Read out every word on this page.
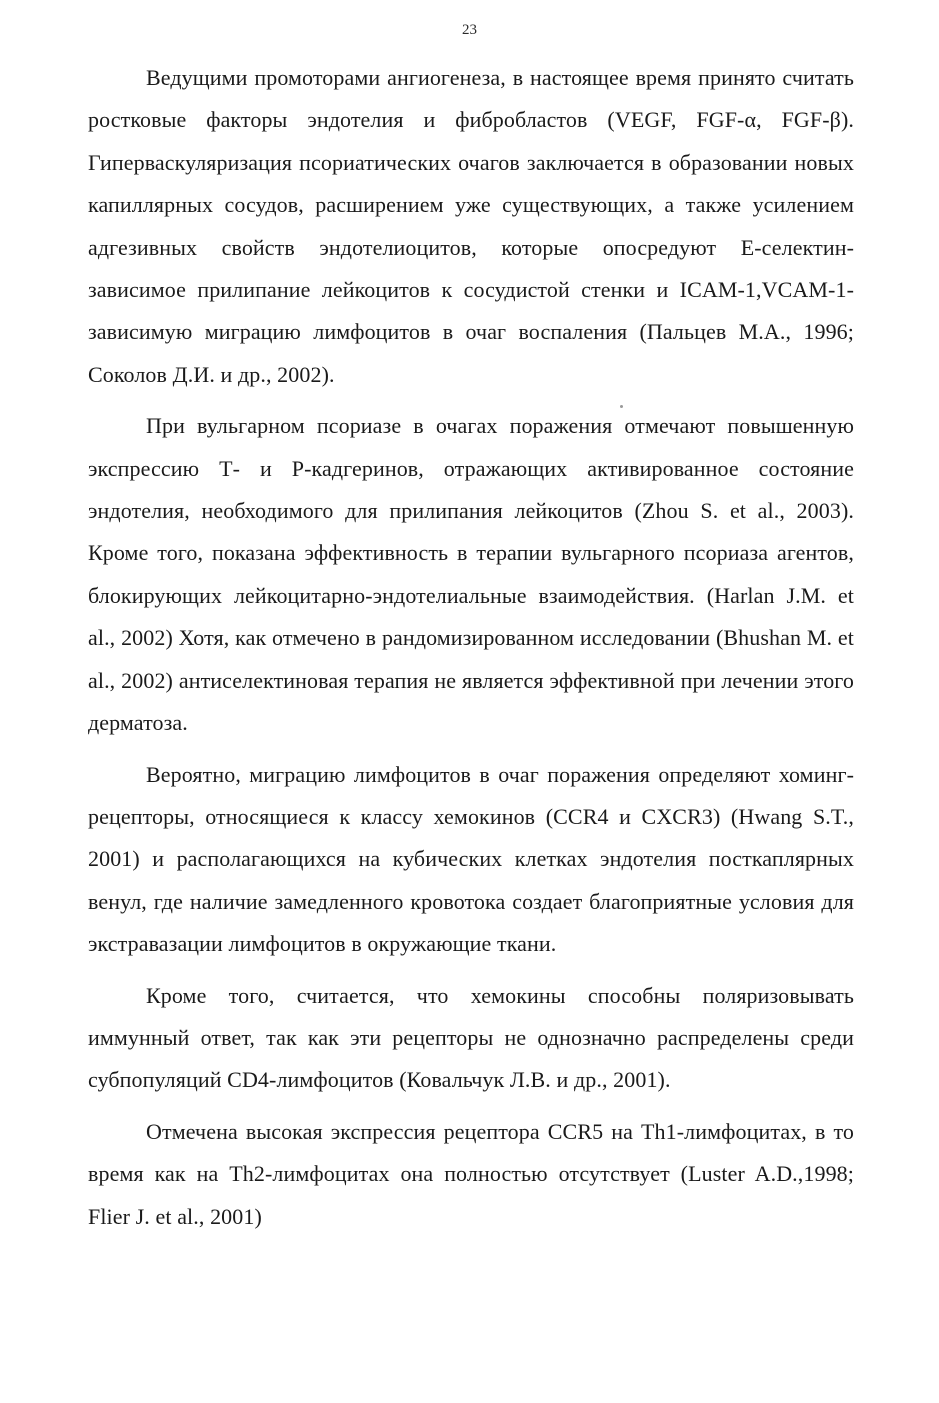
23

Ведущими промоторами ангиогенеза, в настоящее время принято считать ростковые факторы эндотелия и фибробластов (VEGF, FGF-α, FGF-β). Гиперваскуляризация псориатических очагов заключается в образовании новых капиллярных сосудов, расширением уже существующих, а также усилением адгезивных свойств эндотелиоцитов, которые опосредуют Е-селектин-зависимое прилипание лейкоцитов к сосудистой стенки и ICAM-1,VCAM-1-зависимую миграцию лимфоцитов в очаг воспаления (Пальцев М.А., 1996; Соколов Д.И. и др., 2002).

При вульгарном псориазе в очагах поражения отмечают повышенную экспрессию Т- и Р-кадгеринов, отражающих активированное состояние эндотелия, необходимого для прилипания лейкоцитов (Zhou S. et al., 2003). Кроме того, показана эффективность в терапии вульгарного псориаза агентов, блокирующих лейкоцитарно-эндотелиальные взаимодействия. (Harlan J.M. et al., 2002) Хотя, как отмечено в рандомизированном исследовании (Bhushan M. et al., 2002) антиселектиновая терапия не является эффективной при лечении этого дерматоза.

Вероятно, миграцию лимфоцитов в очаг поражения определяют хоминг-рецепторы, относящиеся к классу хемокинов (CCR4 и CXCR3) (Hwang S.T., 2001) и располагающихся на кубических клетках эндотелия посткаплярных венул, где наличие замедленного кровотока создает благоприятные условия для экстравазации лимфоцитов в окружающие ткани.

Кроме того, считается, что хемокины способны поляризовывать иммунный ответ, так как эти рецепторы не однозначно распределены среди субпопуляций CD4-лимфоцитов (Ковальчук Л.В. и др., 2001).

Отмечена высокая экспрессия рецептора CCR5 на Th1-лимфоцитах, в то время как на Th2-лимфоцитах она полностью отсутствует (Luster A.D.,1998; Flier J. et al., 2001)
